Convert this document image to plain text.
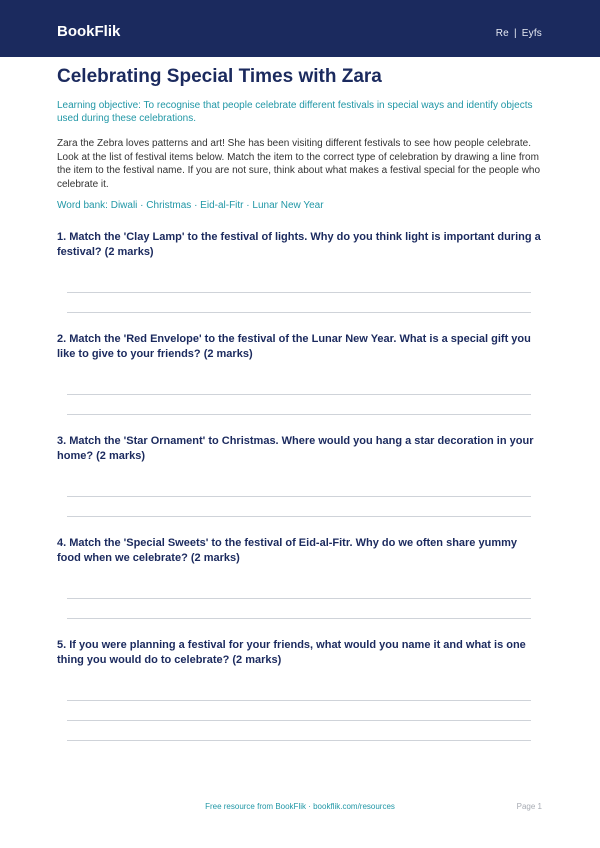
BookFlik	Re | Eyfs
Celebrating Special Times with Zara

Learning objective: To recognise that people celebrate different festivals in special ways and identify objects used during these celebrations.

Zara the Zebra loves patterns and art! She has been visiting different festivals to see how people celebrate. Look at the list of festival items below. Match the item to the correct type of celebration by drawing a line from the item to the festival name. If you are not sure, think about what makes a festival special for the people who celebrate it.

Word bank: Diwali · Christmas · Eid-al-Fitr · Lunar New Year

1. Match the 'Clay Lamp' to the festival of lights. Why do you think light is important during a festival? (2 marks)

2. Match the 'Red Envelope' to the festival of the Lunar New Year. What is a special gift you like to give to your friends? (2 marks)

3. Match the 'Star Ornament' to Christmas. Where would you hang a star decoration in your home? (2 marks)

4. Match the 'Special Sweets' to the festival of Eid-al-Fitr. Why do we often share yummy food when we celebrate? (2 marks)

5. If you were planning a festival for your friends, what would you name it and what is one thing you would do to celebrate? (2 marks)

Free resource from BookFlik · bookflik.com/resources	Page 1
